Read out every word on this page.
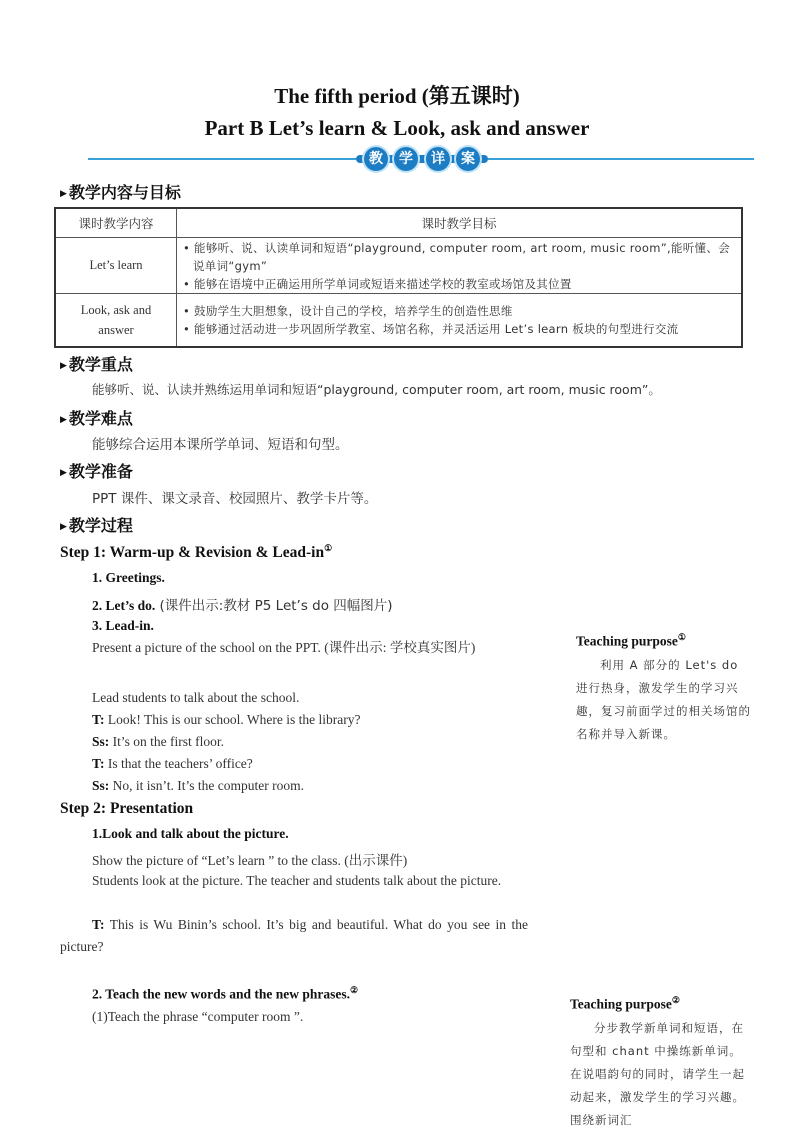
The fifth period (第五课时)
Part B Let’s learn & Look, ask and answer
教	学	详	案
▶ 教学内容与目标
课时教学内容	课时教学目标
Let’s learn	• 能够听、说、认读单词和短语“playground, computer room, art room, music room”,能听懂、会说单词“gym”
• 能够在语境中正确运用所学单词或短语来描述学校的教室或场馆及其位置

Look, ask and answer	• 鼓励学生大胆想象，设计自己的学校，培养学生的创造性思维
• 能够通过活动进一步巩固所学教室、场馆名称，并灵活运用 Let’s learn 板块的句型进行交流
▶ 教学重点
能够听、说、认读并熟练运用单词和短语“playground, computer room, art room, music room”。
▶ 教学难点
能够综合运用本课所学单词、短语和句型。
▶ 教学准备
PPT 课件、课文录音、校园照片、教学卡片等。
▶ 教学过程
Step 1: Warm-up & Revision & Lead-in①
1. Greetings.
2. Let’s do. (课件出示:教材 P5 Let’s do 四幅图片)
3. Lead-in.
Present a picture of the school on the PPT. (课件出示: 学校真实图片)
Lead students to talk about the school.
T: Look! This is our school. Where is the library?
Ss: It’s on the first floor.
T: Is that the teachers’ office?
Ss: No, it isn’t. It’s the computer room.
Step 2: Presentation
1.Look and talk about the picture.
Show the picture of “Let’s learn ” to the class. (出示课件)
Students look at the picture. The teacher and students talk about the picture.
T: This is Wu Binin’s school. It’s big and beautiful. What do you see in the picture?
2. Teach the new words and the new phrases.②
(1)Teach the phrase “computer room ”.
Teaching purpose①
利用 A 部分的 Let's do 进行热身，激发学生的学习兴趣，复习前面学过的相关场馆的名称并导入新课。
Teaching purpose②
分步教学新单词和短语，在句型和 chant 中操练新单词。在说唱韵句的同时，请学生一起动起来，激发学生的学习兴趣。围绕新词汇
